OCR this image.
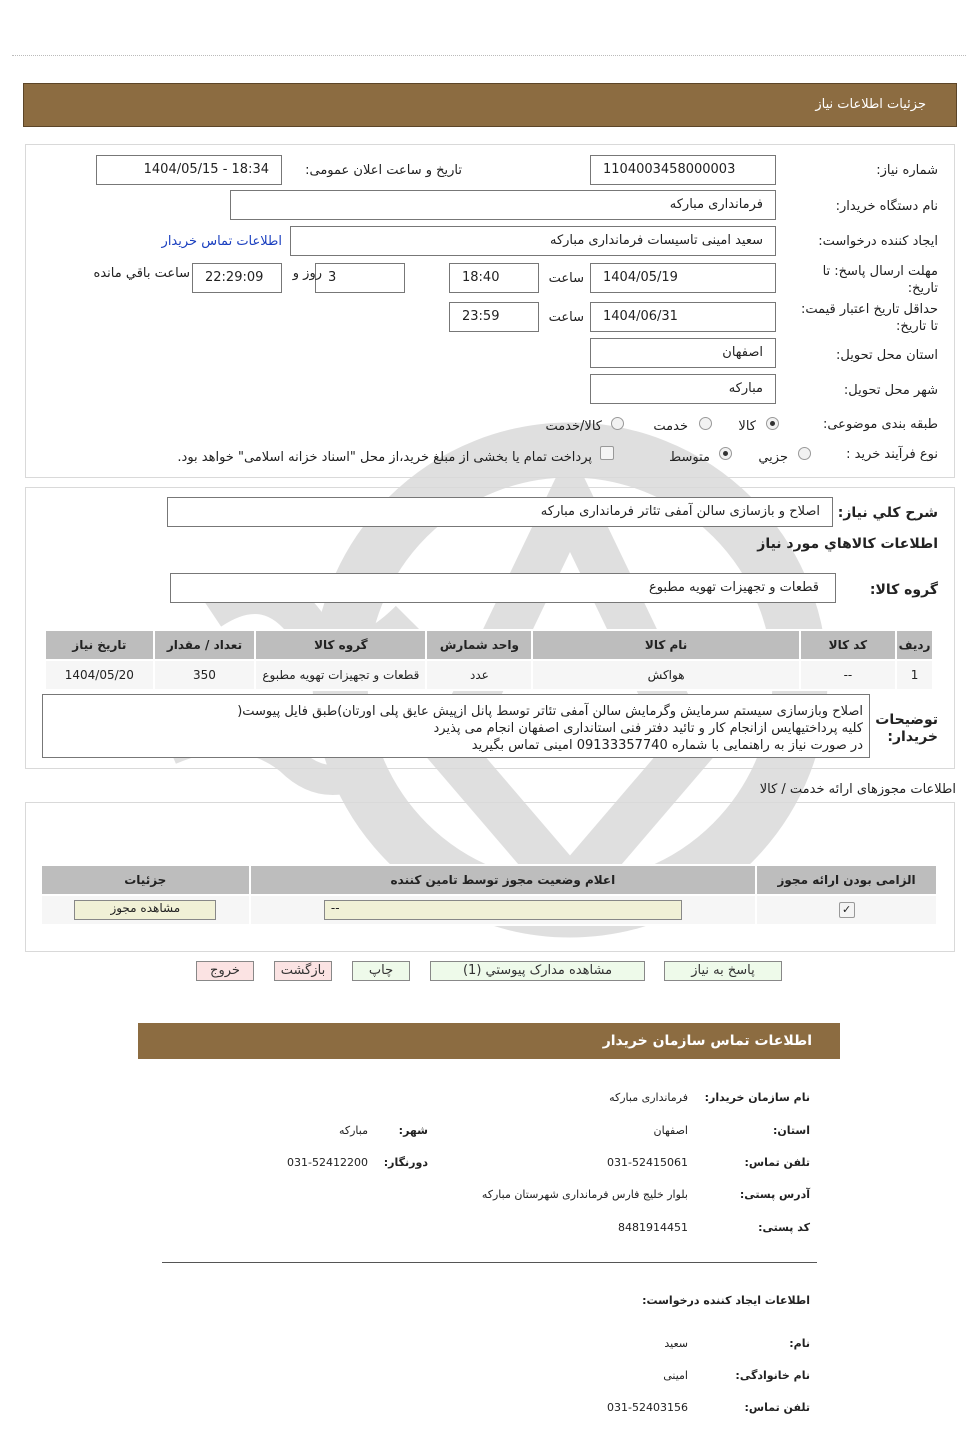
جزئیات اطلاعات نیاز
شماره نیاز:
1104003458000003
تاریخ و ساعت اعلان عمومی:
1404/05/15 - 18:34
نام دستگاه خریدار:
فرمانداری مبارکه
ایجاد کننده درخواست:
سعید امینی تاسیسات فرمانداری مبارکه
اطلاعات تماس خریدار
مهلت ارسال پاسخ: تا
تاریخ:
1404/05/19
ساعت
18:40
3
روز و
22:29:09
ساعت باقي مانده
حداقل تاریخ اعتبار قیمت:
تا تاریخ:
1404/06/31
ساعت
23:59
استان محل تحویل:
اصفهان
شهر محل تحویل:
مبارکه
طبقه بندی موضوعی:
کالا
خدمت
کالا/خدمت
نوع فرآیند خرید :
جزیي
متوسط
پرداخت تمام یا بخشی از مبلغ خرید،از محل "اسناد خزانه اسلامی" خواهد بود.
شرح کلي نياز:
اصلاح و بازسازی سالن آمفی تئاتر فرمانداری مبارکه
اطلاعات کالاهاي مورد نياز
گروه کالا:
قطعات و تجهیزات تهویه مطبوع
ردیف	کد کالا	نام کالا	واحد شمارش	گروه کالا	تعداد / مقدار	تاریخ نیاز
1	--	هواکش	عدد	قطعات و تجهیزات تهویه مطبوع	350	1404/05/20
توضیحات
خریدار:
اصلاح وبازسازی سیستم سرمایش وگرمایش سالن آمفی تئاتر توسط پانل ازپیش عایق پلی اورتان)طبق فایل پیوست(
کلیه پرداختیهایس ازانجام کار و تائید دفتر فنی استانداری اصفهان انجام می پذیرد
در صورت نیاز به راهنمایی با شماره 09133357740 امینی تماس بگیرید
اطلاعات مجوزهای ارائه خدمت / کالا
الزامی بودن ارائه مجوز	اعلام وضعیت مجوز توسط تامین کننده	جزئیات
✓	--	مشاهده مجوز
پاسخ به نیاز
مشاهده مدارک پیوستي (1)
چاپ
بازگشت
خروج
اطلاعات تماس سازمان خریدار
نام سازمان خریدار:
فرمانداری مبارکه
استان:
اصفهان
شهر:
مبارکه
تلفن تماس:
031-52415061
دورنگار:
031-52412200
آدرس پستی:
بلوار خلیج فارس فرمانداری شهرستان مبارکه
کد پستی:
8481914451
اطلاعات ایجاد کننده درخواست:
نام:
سعید
نام خانوادگی:
امینی
تلفن تماس:
031-52403156
